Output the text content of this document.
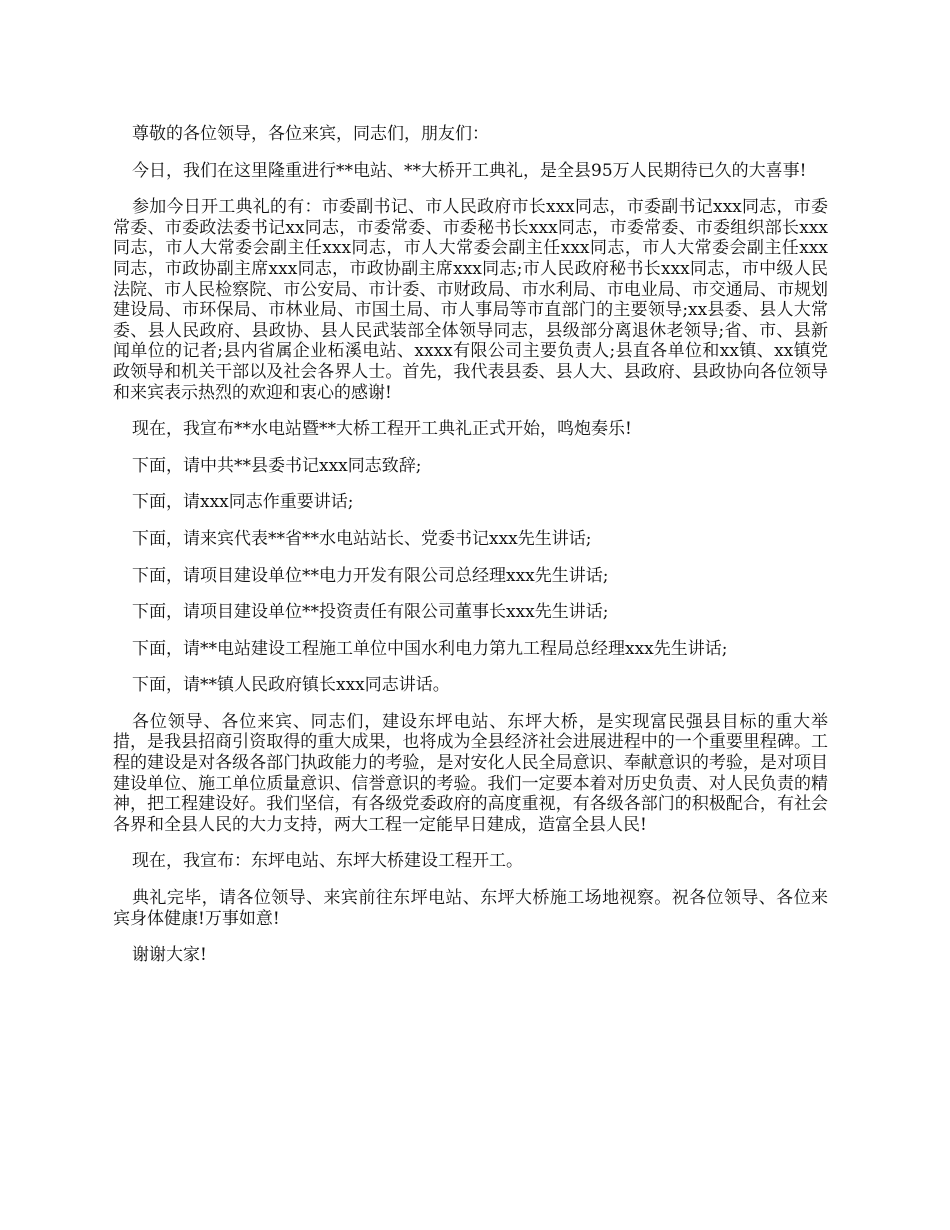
尊敬的各位领导，各位来宾，同志们，朋友们：

今日，我们在这里隆重进行**电站、**大桥开工典礼，是全县95万人民期待已久的大喜事!

参加今日开工典礼的有：市委副书记、市人民政府市长xxx同志，市委副书记xxx同志，市委常委、市委政法委书记xx同志，市委常委、市委秘书长xxx同志，市委常委、市委组织部长xxx同志，市人大常委会副主任xxx同志，市人大常委会副主任xxx同志，市人大常委会副主任xxx同志，市政协副主席xxx同志，市政协副主席xxx同志;市人民政府秘书长xxx同志，市中级人民法院、市人民检察院、市公安局、市计委、市财政局、市水利局、市电业局、市交通局、市规划建设局、市环保局、市林业局、市国土局、市人事局等市直部门的主要领导;xx县委、县人大常委、县人民政府、县政协、县人民武装部全体领导同志，县级部分离退休老领导;省、市、县新闻单位的记者;县内省属企业柘溪电站、xxxx有限公司主要负责人;县直各单位和xx镇、xx镇党政领导和机关干部以及社会各界人士。首先，我代表县委、县人大、县政府、县政协向各位领导和来宾表示热烈的欢迎和衷心的感谢!

现在，我宣布**水电站暨**大桥工程开工典礼正式开始，鸣炮奏乐!

下面，请中共**县委书记xxx同志致辞;

下面，请xxx同志作重要讲话;

下面，请来宾代表**省**水电站站长、党委书记xxx先生讲话;

下面，请项目建设单位**电力开发有限公司总经理xxx先生讲话;

下面，请项目建设单位**投资责任有限公司董事长xxx先生讲话;

下面，请**电站建设工程施工单位中国水利电力第九工程局总经理xxx先生讲话;

下面，请**镇人民政府镇长xxx同志讲话。

各位领导、各位来宾、同志们，建设东坪电站、东坪大桥，是实现富民强县目标的重大举措，是我县招商引资取得的重大成果，也将成为全县经济社会进展进程中的一个重要里程碑。工程的建设是对各级各部门执政能力的考验，是对安化人民全局意识、奉献意识的考验，是对项目建设单位、施工单位质量意识、信誉意识的考验。我们一定要本着对历史负责、对人民负责的精神，把工程建设好。我们坚信，有各级党委政府的高度重视，有各级各部门的积极配合，有社会各界和全县人民的大力支持，两大工程一定能早日建成，造富全县人民!

现在，我宣布：东坪电站、东坪大桥建设工程开工。

典礼完毕，请各位领导、来宾前往东坪电站、东坪大桥施工场地视察。祝各位领导、各位来宾身体健康!万事如意!

谢谢大家!
